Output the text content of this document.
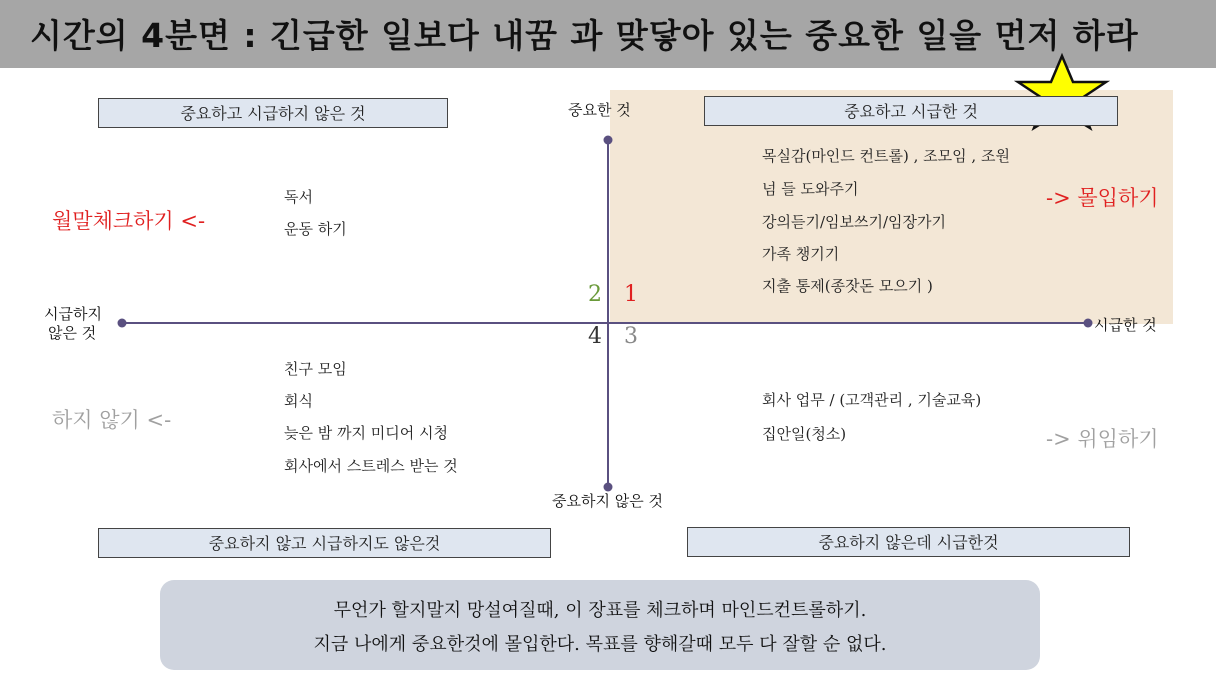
시간의 4분면 : 긴급한 일보다 내꿈 과 맞닿아 있는 중요한 일을 먼저 하라
중요한 것
중요하지 않은 것
시급하지
않은 것	시급한 것
중요하고 시급하지 않은 것	중요하고 시급한 것
중요하지 않고 시급하지도 않은것	중요하지 않은데 시급한것
2 1
4 3
목실감(마인드 컨트롤) , 조모임 , 조원
넘 들 도와주기
강의듣기/임보쓰기/임장가기
가족 챙기기
지출 통제(종잣돈 모으기 )
독서
운동 하기
친구 모임
회식
늦은 밤 까지 미디어 시청
회사에서 스트레스 받는 것
회사 업무 / (고객관리 , 기술교육)
집안일(청소)
-> 몰입하기
월말체크하기 <-
하지 않기 <-
-> 위임하기
무언가 할지말지 망설여질때, 이 장표를 체크하며 마인드컨트롤하기.
지금 나에게 중요한것에 몰입한다. 목표를 향해갈때 모두 다 잘할 순 없다.
